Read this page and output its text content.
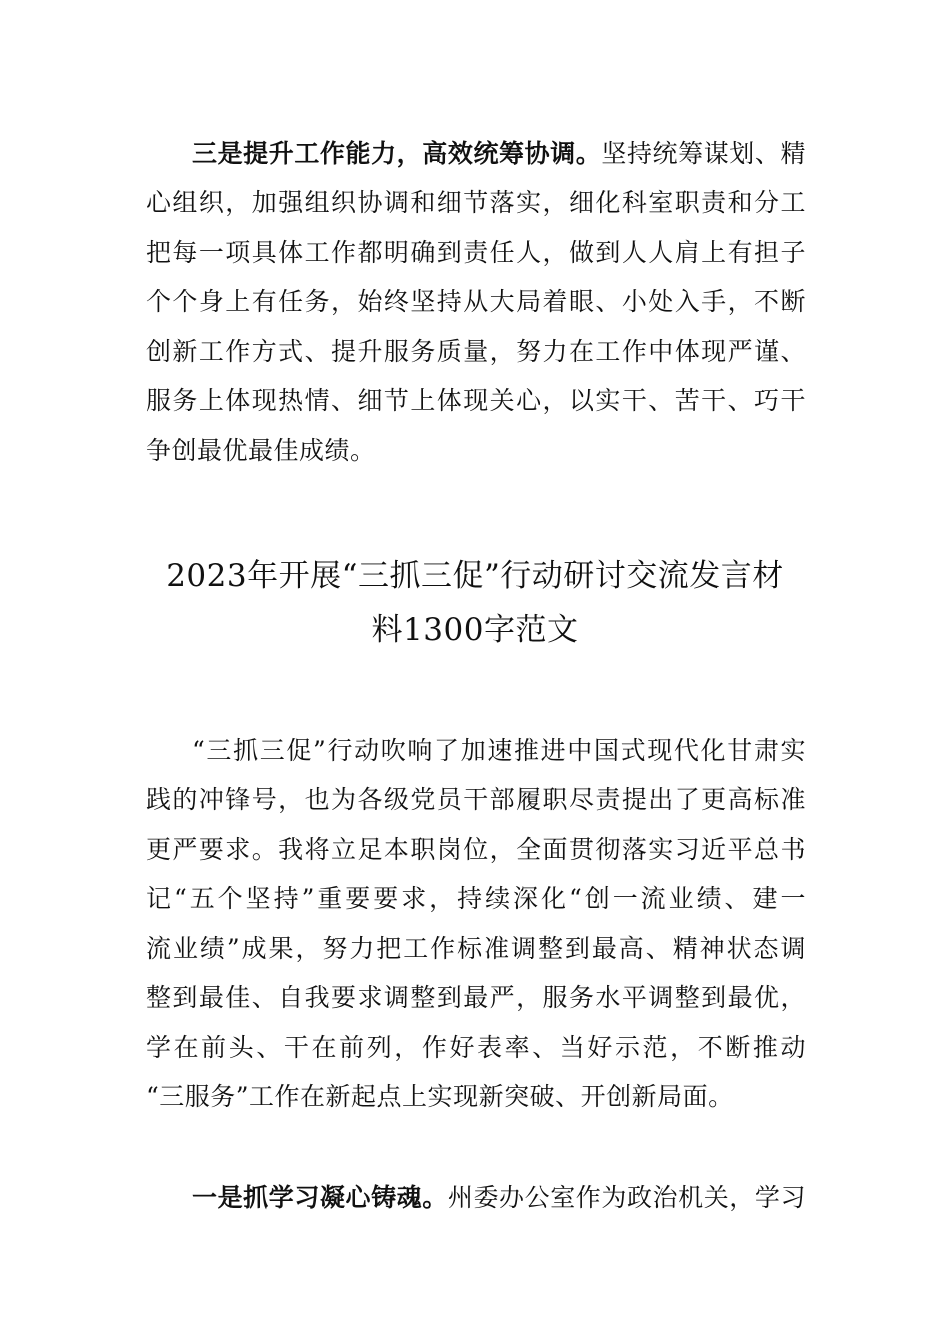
三是提升工作能力，高效统筹协调。坚持统筹谋划、精
心组织，加强组织协调和细节落实，细化科室职责和分工
把每一项具体工作都明确到责任人，做到人人肩上有担子
个个身上有任务，始终坚持从大局着眼、小处入手，不断
创新工作方式、提升服务质量，努力在工作中体现严谨、
服务上体现热情、细节上体现关心，以实干、苦干、巧干
争创最优最佳成绩。
2023年开展“三抓三促”行动研讨交流发言材
料1300字范文
“三抓三促”行动吹响了加速推进中国式现代化甘肃实
践的冲锋号，也为各级党员干部履职尽责提出了更高标准
更严要求。我将立足本职岗位，全面贯彻落实习近平总书
记“五个坚持”重要要求，持续深化“创一流业绩、建一
流业绩”成果，努力把工作标准调整到最高、精神状态调
整到最佳、自我要求调整到最严，服务水平调整到最优，
学在前头、干在前列，作好表率、当好示范，不断推动
“三服务”工作在新起点上实现新突破、开创新局面。
一是抓学习凝心铸魂。州委办公室作为政治机关，学习
